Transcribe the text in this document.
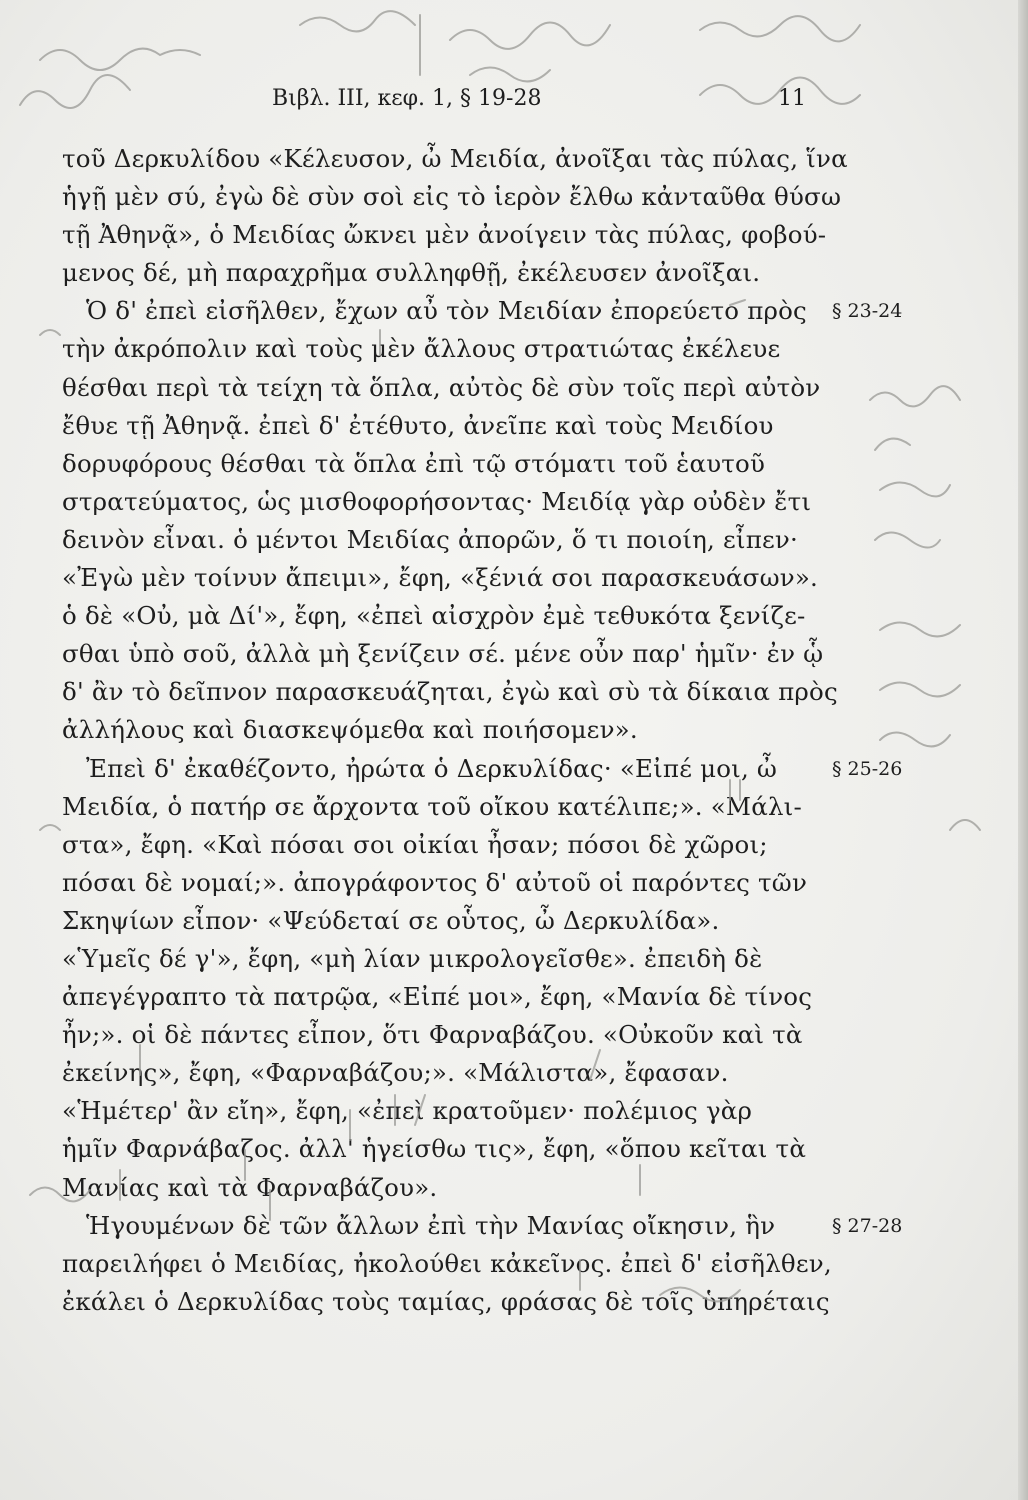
Βιβλ. III, κεφ. 1, § 19-28	11
τοῦ Δερκυλίδου «Κέλευσον, ὦ Μειδία, ἀνοῖξαι τὰς πύλας, ἵνα
ἡγῇ μὲν σύ, ἐγὼ δὲ σὺν σοὶ εἰς τὸ ἱερὸν ἔλθω κἀνταῦθα θύσω
τῇ Ἀθηνᾷ», ὁ Μειδίας ὤκνει μὲν ἀνοίγειν τὰς πύλας, φοβού-
μενος δέ, μὴ παραχρῆμα συλληφθῇ, ἐκέλευσεν ἀνοῖξαι.
Ὁ δ' ἐπεὶ εἰσῆλθεν, ἔχων αὖ τὸν Μειδίαν ἐπορεύετο πρὸς
τὴν ἀκρόπολιν καὶ τοὺς μὲν ἄλλους στρατιώτας ἐκέλευε
θέσθαι περὶ τὰ τείχη τὰ ὅπλα, αὐτὸς δὲ σὺν τοῖς περὶ αὐτὸν
ἔθυε τῇ Ἀθηνᾷ. ἐπεὶ δ' ἐτέθυτο, ἀνεῖπε καὶ τοὺς Μειδίου
δορυφόρους θέσθαι τὰ ὅπλα ἐπὶ τῷ στόματι τοῦ ἑαυτοῦ
στρατεύματος, ὡς μισθοφορήσοντας· Μειδίᾳ γὰρ οὐδὲν ἔτι
δεινὸν εἶναι. ὁ μέντοι Μειδίας ἀπορῶν, ὅ τι ποιοίη, εἶπεν·
«Ἐγὼ μὲν τοίνυν ἄπειμι», ἔφη, «ξένιά σοι παρασκευάσων».
ὁ δὲ «Οὐ, μὰ Δί'», ἔφη, «ἐπεὶ αἰσχρὸν ἐμὲ τεθυκότα ξενίζε-
σθαι ὑπὸ σοῦ, ἀλλὰ μὴ ξενίζειν σέ. μένε οὖν παρ' ἡμῖν· ἐν ᾧ
δ' ἂν τὸ δεῖπνον παρασκευάζηται, ἐγὼ καὶ σὺ τὰ δίκαια πρὸς
ἀλλήλους καὶ διασκεψόμεθα καὶ ποιήσομεν».
Ἐπεὶ δ' ἐκαθέζοντο, ἠρώτα ὁ Δερκυλίδας· «Εἰπέ μοι, ὦ
Μειδία, ὁ πατήρ σε ἄρχοντα τοῦ οἴκου κατέλιπε;». «Μάλι-
στα», ἔφη. «Καὶ πόσαι σοι οἰκίαι ἦσαν; πόσοι δὲ χῶροι;
πόσαι δὲ νομαί;». ἀπογράφοντος δ' αὐτοῦ οἱ παρόντες τῶν
Σκηψίων εἶπον· «Ψεύδεταί σε οὗτος, ὦ Δερκυλίδα».
«Ὑμεῖς δέ γ'», ἔφη, «μὴ λίαν μικρολογεῖσθε». ἐπειδὴ δὲ
ἀπεγέγραπτο τὰ πατρῷα, «Εἰπέ μοι», ἔφη, «Μανία δὲ τίνος
ἦν;». οἱ δὲ πάντες εἶπον, ὅτι Φαρναβάζου. «Οὐκοῦν καὶ τὰ
ἐκείνης», ἔφη, «Φαρναβάζου;». «Μάλιστα», ἔφασαν.
«Ἡμέτερ' ἂν εἴη», ἔφη, «ἐπεὶ κρατοῦμεν· πολέμιος γὰρ
ἡμῖν Φαρνάβαζος. ἀλλ' ἡγείσθω τις», ἔφη, «ὅπου κεῖται τὰ
Μανίας καὶ τὰ Φαρναβάζου».
Ἡγουμένων δὲ τῶν ἄλλων ἐπὶ τὴν Μανίας οἴκησιν, ἣν
παρειλήφει ὁ Μειδίας, ἠκολούθει κἀκεῖνος. ἐπεὶ δ' εἰσῆλθεν,
ἐκάλει ὁ Δερκυλίδας τοὺς ταμίας, φράσας δὲ τοῖς ὑπηρέταις
§ 23-24
§ 25-26
§ 27-28
